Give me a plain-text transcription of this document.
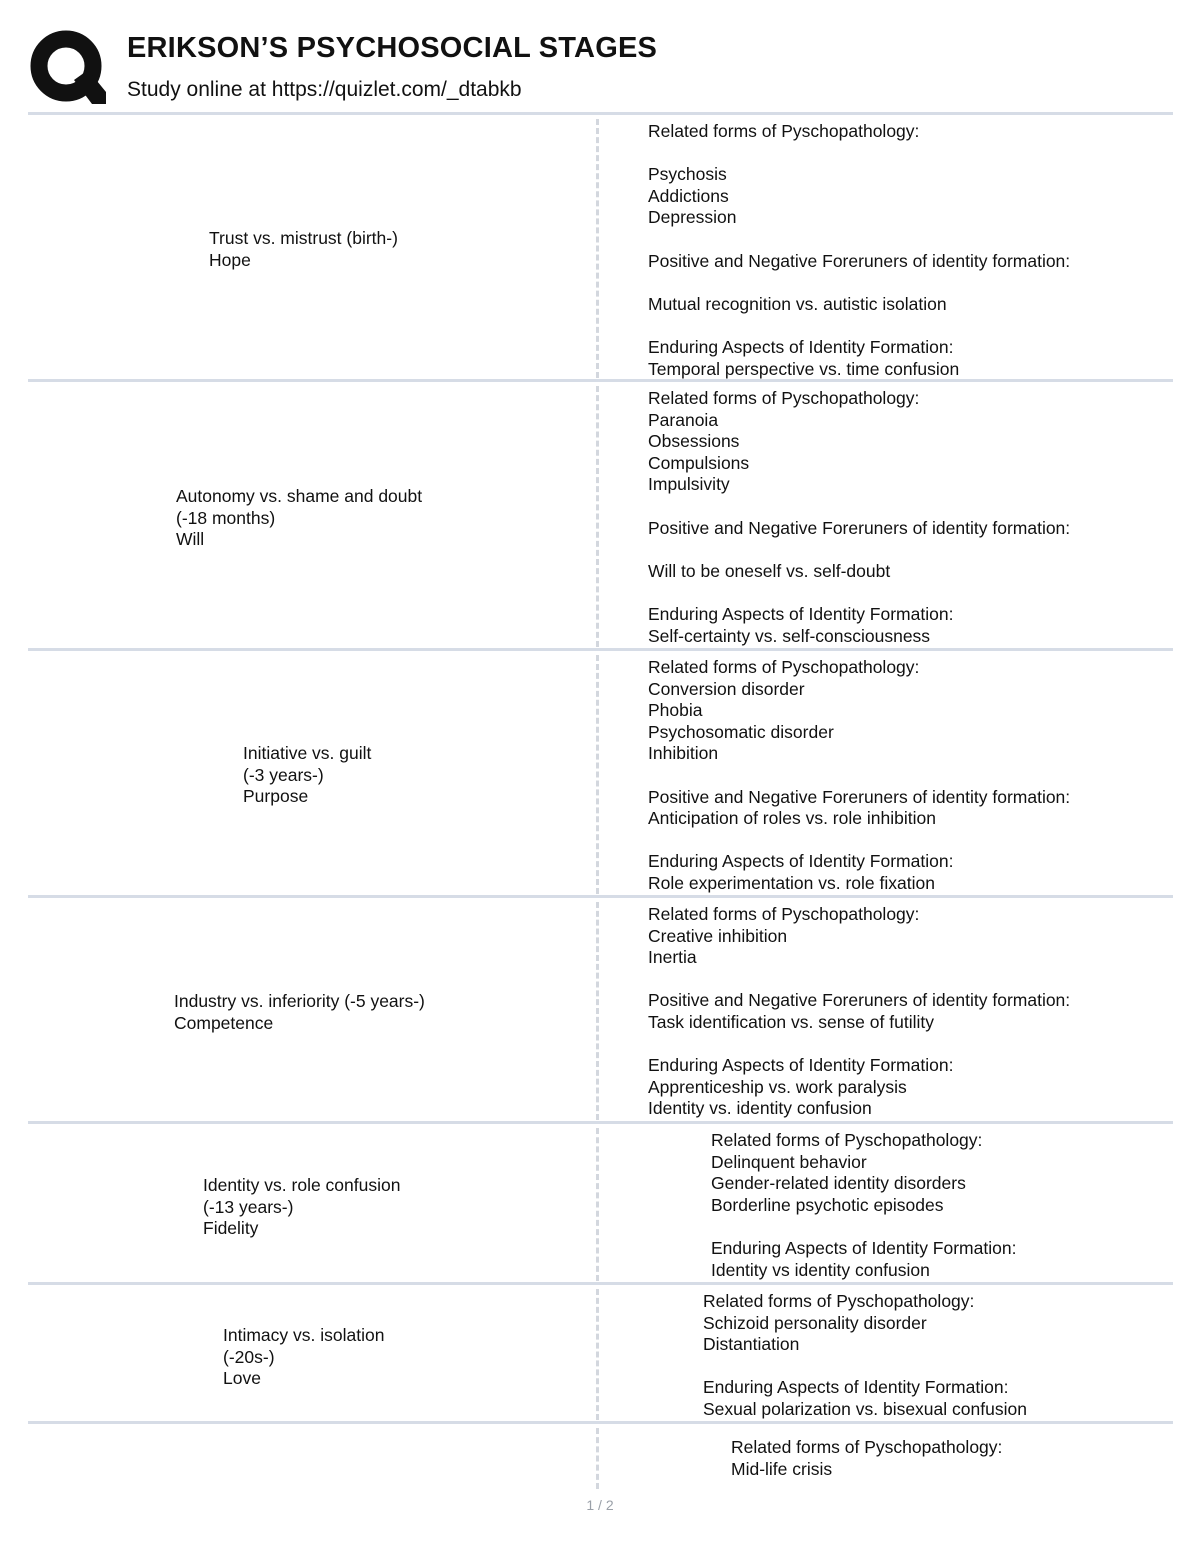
ERIKSON’S PSYCHOSOCIAL STAGES
Study online at https://quizlet.com/_dtabkb
Trust vs. mistrust (birth-)
Hope
Related forms of Pyschopathology:

Psychosis
Addictions
Depression

Positive and Negative Foreruners of identity formation:

Mutual recognition vs. autistic isolation

Enduring Aspects of Identity Formation:
Temporal perspective vs. time confusion
Autonomy vs. shame and doubt
(-18 months)
Will
Related forms of Pyschopathology:
Paranoia
Obsessions
Compulsions
Impulsivity

Positive and Negative Foreruners of identity formation:

Will to be oneself vs. self-doubt

Enduring Aspects of Identity Formation:
Self-certainty vs. self-consciousness
Initiative vs. guilt
(-3 years-)
Purpose
Related forms of Pyschopathology:
Conversion disorder
Phobia
Psychosomatic disorder
Inhibition

Positive and Negative Foreruners of identity formation:
Anticipation of roles vs. role inhibition

Enduring Aspects of Identity Formation:
Role experimentation vs. role fixation
Industry vs. inferiority (-5 years-)
Competence
Related forms of Pyschopathology:
Creative inhibition
Inertia

Positive and Negative Foreruners of identity formation:
Task identification vs. sense of futility

Enduring Aspects of Identity Formation:
Apprenticeship vs. work paralysis
Identity vs. identity confusion
Identity vs. role confusion
(-13 years-)
Fidelity
Related forms of Pyschopathology:
Delinquent behavior
Gender-related identity disorders
Borderline psychotic episodes

Enduring Aspects of Identity Formation:
Identity vs identity confusion
Intimacy vs. isolation
(-20s-)
Love
Related forms of Pyschopathology:
Schizoid personality disorder
Distantiation

Enduring Aspects of Identity Formation:
Sexual polarization vs. bisexual confusion
Related forms of Pyschopathology:
Mid-life crisis
1 / 2
